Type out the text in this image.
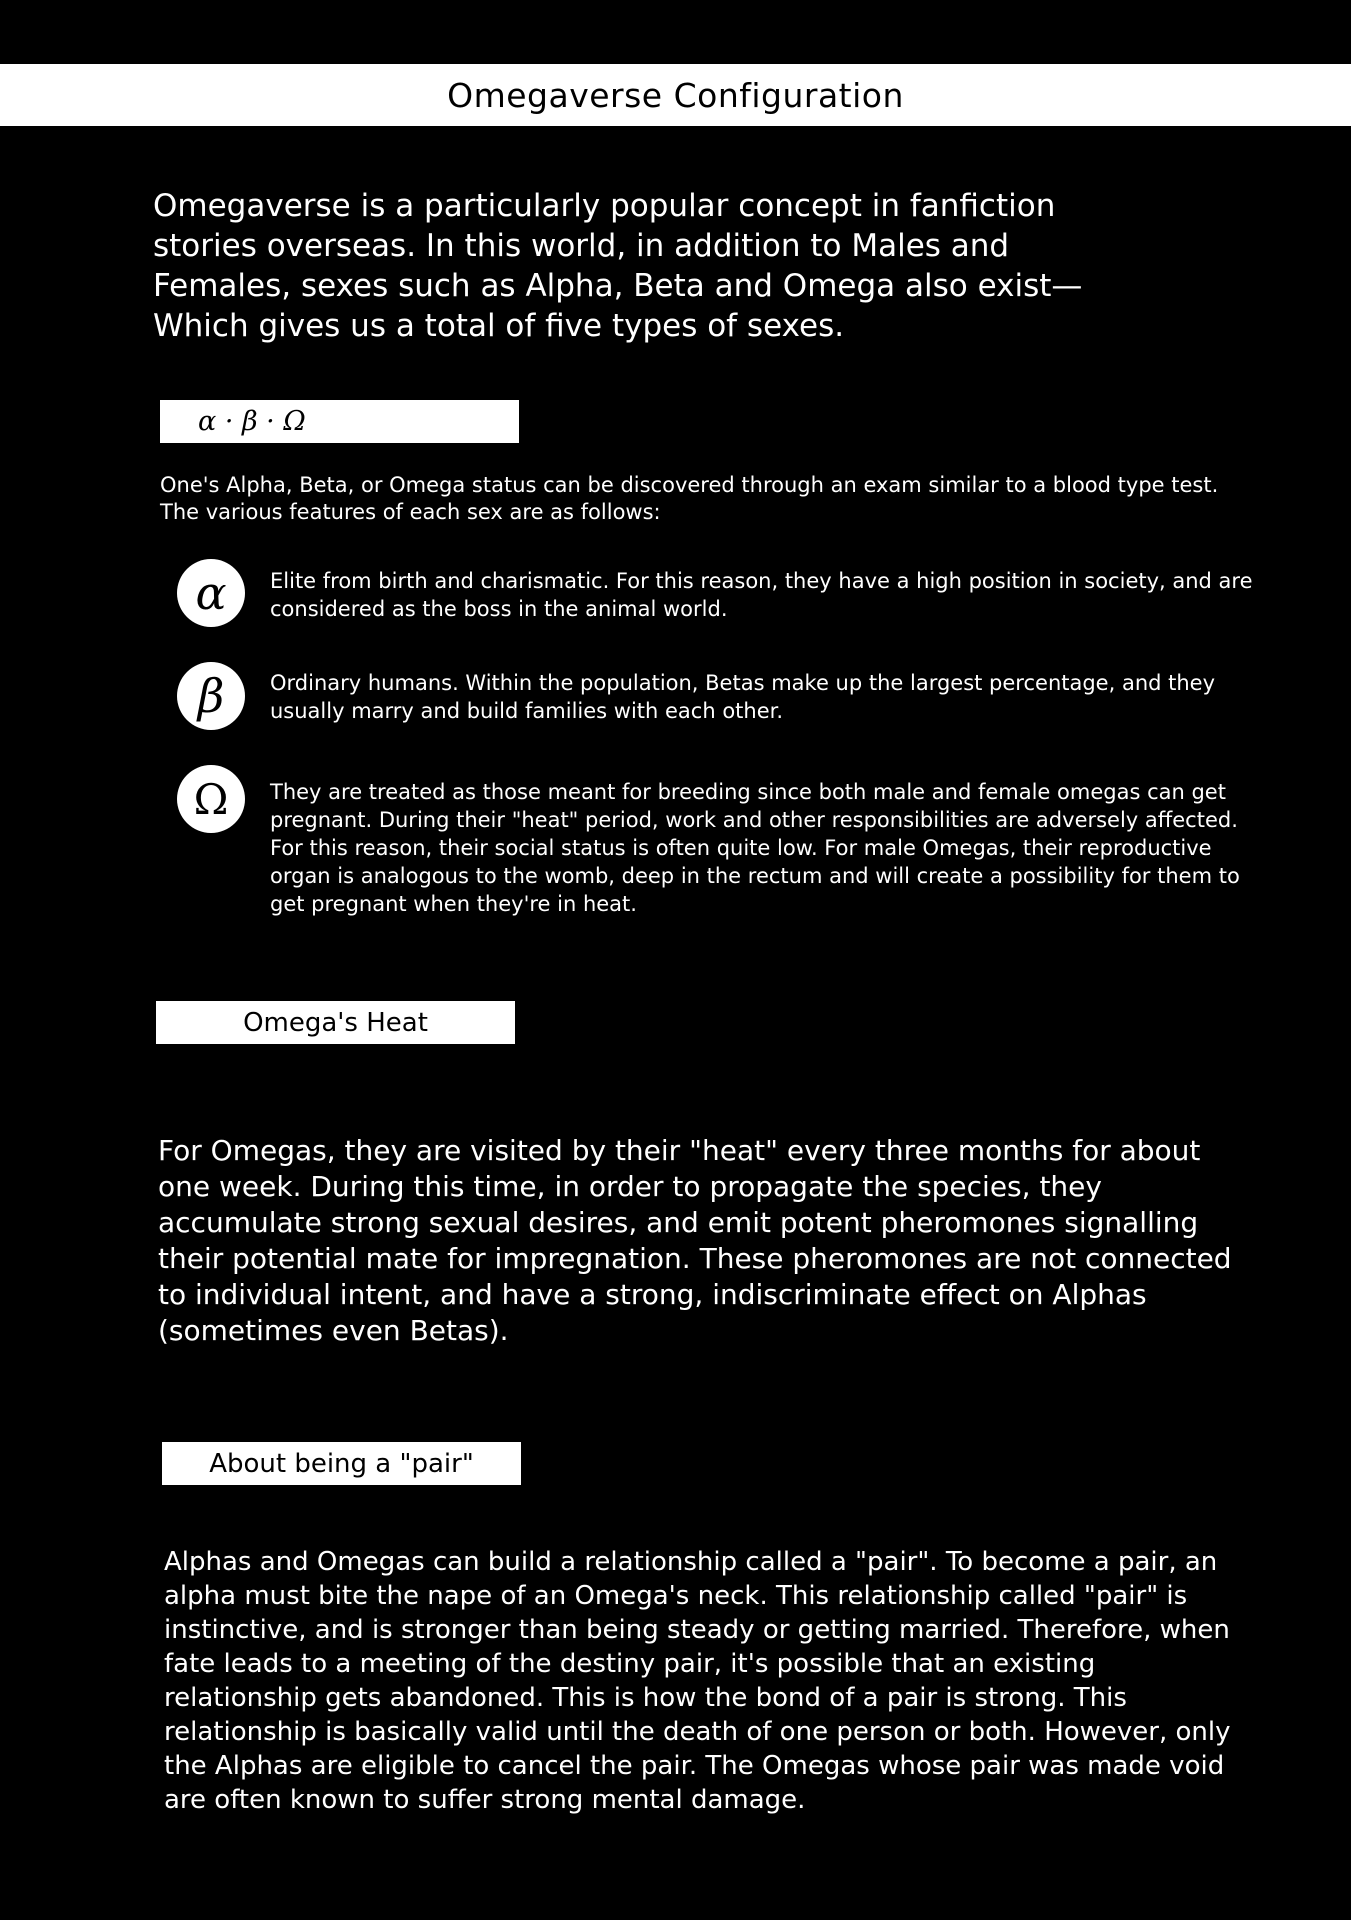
Omegaverse Configuration
Omegaverse is a particularly popular concept in fanfiction stories overseas. In this world, in addition to Males and Females, sexes such as Alpha, Beta and Omega also exist— Which gives us a total of five types of sexes.
α · β · Ω
One's Alpha, Beta, or Omega status can be discovered through an exam similar to a blood type test. The various features of each sex are as follows:
α	Elite from birth and charismatic. For this reason, they have a high position in society, and are considered as the boss in the animal world.
β	Ordinary humans. Within the population, Betas make up the largest percentage, and they usually marry and build families with each other.
Ω	They are treated as those meant for breeding since both male and female omegas can get pregnant. During their "heat" period, work and other responsibilities are adversely affected. For this reason, their social status is often quite low. For male Omegas, their reproductive organ is analogous to the womb, deep in the rectum and will create a possibility for them to get pregnant when they're in heat.
Omega's Heat
For Omegas, they are visited by their "heat" every three months for about one week. During this time, in order to propagate the species, they accumulate strong sexual desires, and emit potent pheromones signalling their potential mate for impregnation. These pheromones are not connected to individual intent, and have a strong, indiscriminate effect on Alphas (sometimes even Betas).
About being a "pair"
Alphas and Omegas can build a relationship called a "pair". To become a pair, an alpha must bite the nape of an Omega's neck. This relationship called "pair" is instinctive, and is stronger than being steady or getting married. Therefore, when fate leads to a meeting of the destiny pair, it's possible that an existing relationship gets abandoned. This is how the bond of a pair is strong. This relationship is basically valid until the death of one person or both. However, only the Alphas are eligible to cancel the pair. The Omegas whose pair was made void are often known to suffer strong mental damage.
